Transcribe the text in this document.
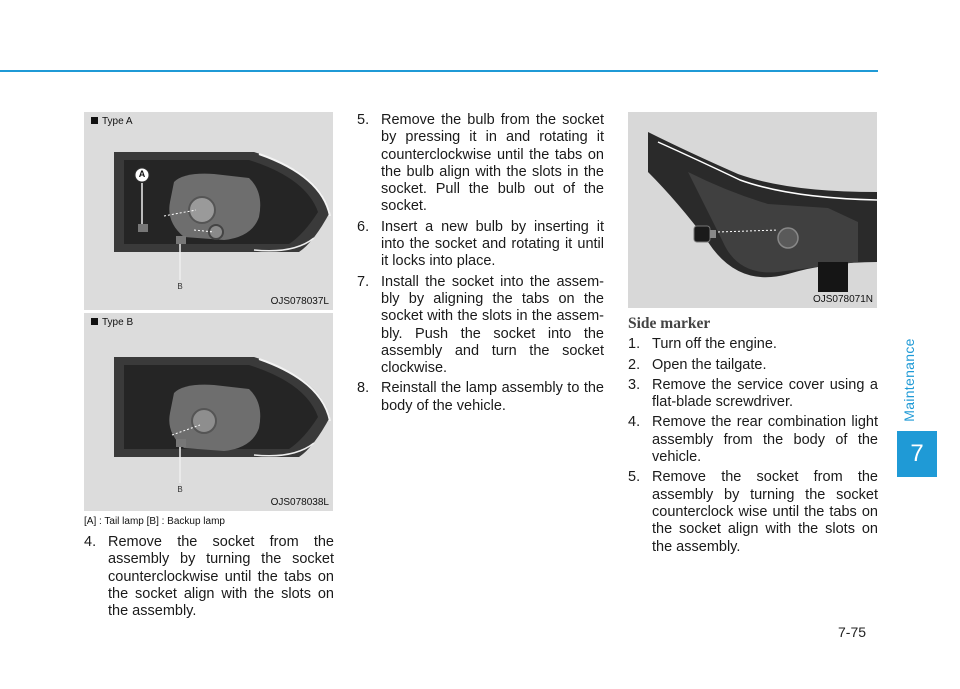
Maintenance
7
Type A
A
B
OJS078037L
Type B
B
OJS078038L
[A] : Tail lamp [B] : Backup lamp
4. Remove the socket from the assembly by turning the socket counterclockwise until the tabs on the socket align with the slots on the assembly.
5. Remove the bulb from the socket by pressing it in and rotating it counterclockwise until the tabs on the bulb align with the slots in the socket. Pull the bulb out of the socket.
6. Insert a new bulb by inserting it into the socket and rotating it until it locks into place.
7. Install the socket into the assem-bly by aligning the tabs on the socket with the slots in the assem-bly. Push the socket into the assembly and turn the socket clockwise.
8. Reinstall the lamp assembly to the body of the vehicle.
OJS078071N
Side marker
1. Turn off the engine.
2. Open the tailgate.
3. Remove the service cover using a flat-blade screwdriver.
4. Remove the rear combination light assembly from the body of the vehicle.
5. Remove the socket from the assembly by turning the socket counterclock wise until the tabs on the socket align with the slots on the assembly.
7-75
